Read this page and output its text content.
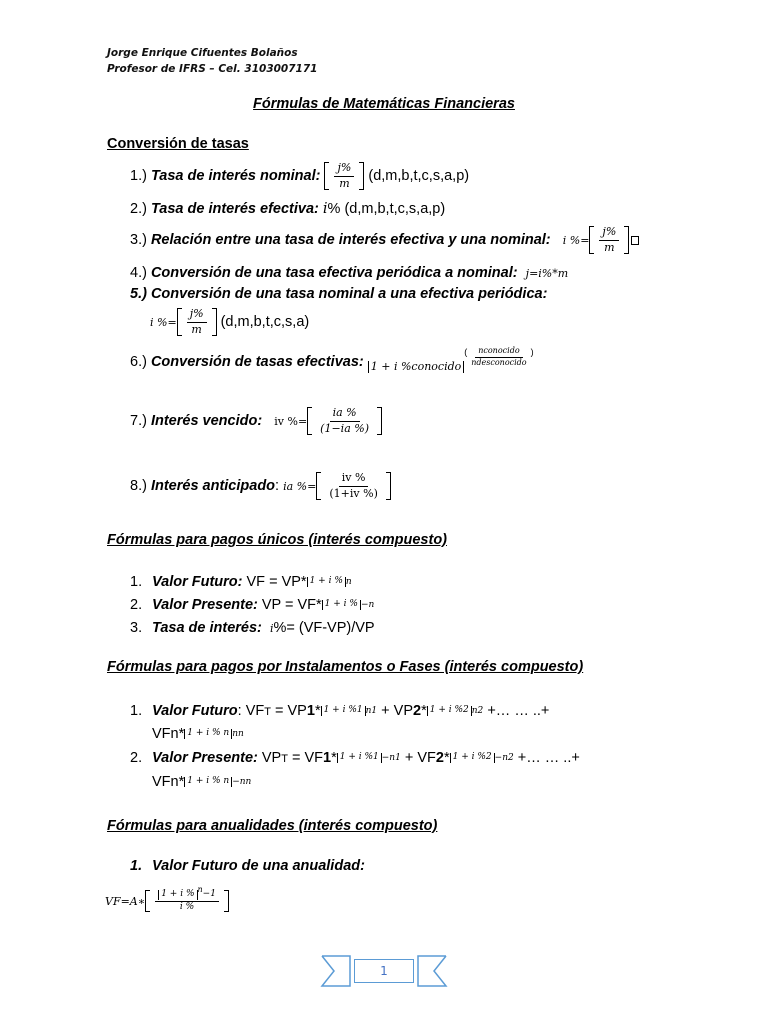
Jorge Enrique Cifuentes Bolaños
Profesor de IFRS – Cel. 3103007171
Fórmulas de Matemáticas Financieras
Conversión de tasas
1.)
Tasa de interés nominal:
$\frac{j\%}{m}$
(d,m,b,t,c,s,a,p)
2.)
Tasa de interés efectiva:
i % (d,m,b,t,c,s,a,p)
3.)
Relación entre una tasa de interés efectiva y una nominal:
i %= $\frac{j\%}{m}$
4.)
Conversión de una tasa efectiva periódica a nominal:
j=i%*m
5.)
Conversión de una tasa nominal a una efectiva periódica:
i %= $\frac{j\%}{m}$
(d,m,b,t,c,s,a)
6.)
Conversión de tasas efectivas:
1 + i %conocido
( $\frac{\text{nconocido}}{\text{ndesconocido}}$ )
7.)
Interés vencido:
iv % = $\frac{ia \%}{(1-ia \%)}$
8.)
Interés anticipado :
ia % = $\frac{iv \%}{(1+iv \%)}$
Fórmulas para pagos únicos (interés compuesto)
1. Valor Futuro:
VF = VP* 1 + i % n
2. Valor Presente:
VP = VF* 1 + i % −n
3. Tasa de interés:
i % = (VF-VP)/VP
Fórmulas para pagos por Instalamentos o Fases (interés compuesto)
1. Valor Futuro :
VFT = VP 1 * 1 + i %1 n1 + VP 2 * 1 + i %2 n2 +… … ..+
VFn* 1 + i % n nn
2. Valor Presente:
VPT = VF 1 * 1 + i %1 −n1 + VF 2 * 1 + i %2 −n2 +… … ..+
VFn* 1 + i % n −nn
Fórmulas para anualidades (interés compuesto)
1. Valor Futuro de una anualidad:
VF=A∗ $\frac{1 + i \% n-1}{i \%}$
1
